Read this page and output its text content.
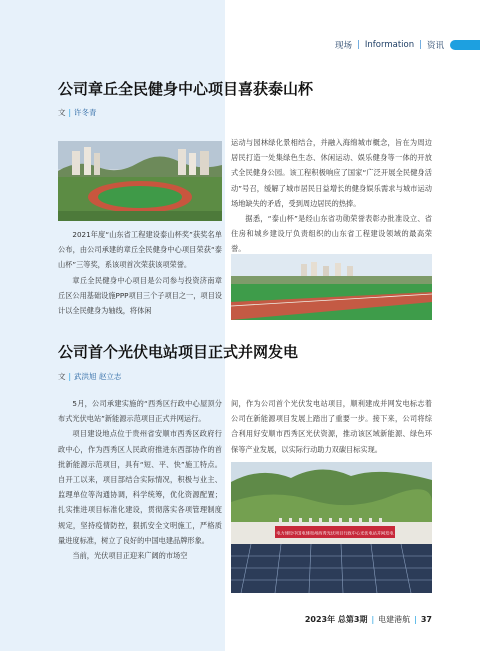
现场 | Information | 资讯
公司章丘全民健身中心项目喜获泰山杯
文 | 许冬青

2021年度“山东省工程建设泰山杯奖”获奖名单公布，由公司承建的章丘全民健身中心项目荣获“泰山杯”三等奖，系该项首次荣获该项荣誉。

章丘全民健身中心项目是公司参与投资济南章丘区公用基础设施PPP项目三个子项目之一，项目设计以全民健身为轴线，将体闲

运动与园林绿化景相结合，并融入海绵城市概念，旨在为周边居民打造一处集绿色生态、休闲运动、娱乐健身等一体的开放式全民健身公园。该工程积极响应了国家“广泛开展全民健身活动”号召，缓解了城市居民日益增长的健身娱乐需求与城市运动场地缺失的矛盾，受到周边居民的热捧。

据悉，“泰山杯”是经山东省功勋荣誉表彰办批准设立、省住房和城乡建设厅负责组织的山东省工程建设领域的最高荣誉。

公司首个光伏电站项目正式并网发电
文 | 武洪旭 赵立志

5月，公司承建实施的“西秀区行政中心屋顶分布式光伏电站”新能源示范项目正式并网运行。

项目建设地点位于贵州省安顺市西秀区政府行政中心，作为西秀区人民政府推进东西部协作的首批新能源示范项目，具有“短、平、快”施工特点。自开工以来，项目部结合实际情况，积极与业主、监理单位等沟通协调，科学统筹，优化资源配置；扎实推进项目标准化建设，贯彻落实各项管理制度规定，坚持疫情防控，狠抓安全文明施工，严格质量进度标准，树立了良好的中国电建品牌形象。

当前，光伏项目正迎来广阔的市场空

间，作为公司首个光伏发电站项目，顺利建成并网发电标志着公司在新能源项目发展上踏出了重要一步。接下来，公司将综合利用好安顺市西秀区光伏资源，推动该区域新能源、绿色环保等产业发展，以实际行动助力双碳目标实现。

电力建设中国电建贵州西秀光伏项目行政中心光伏电站并网发电
2023年 总第3期 | 电建港航 | 37
